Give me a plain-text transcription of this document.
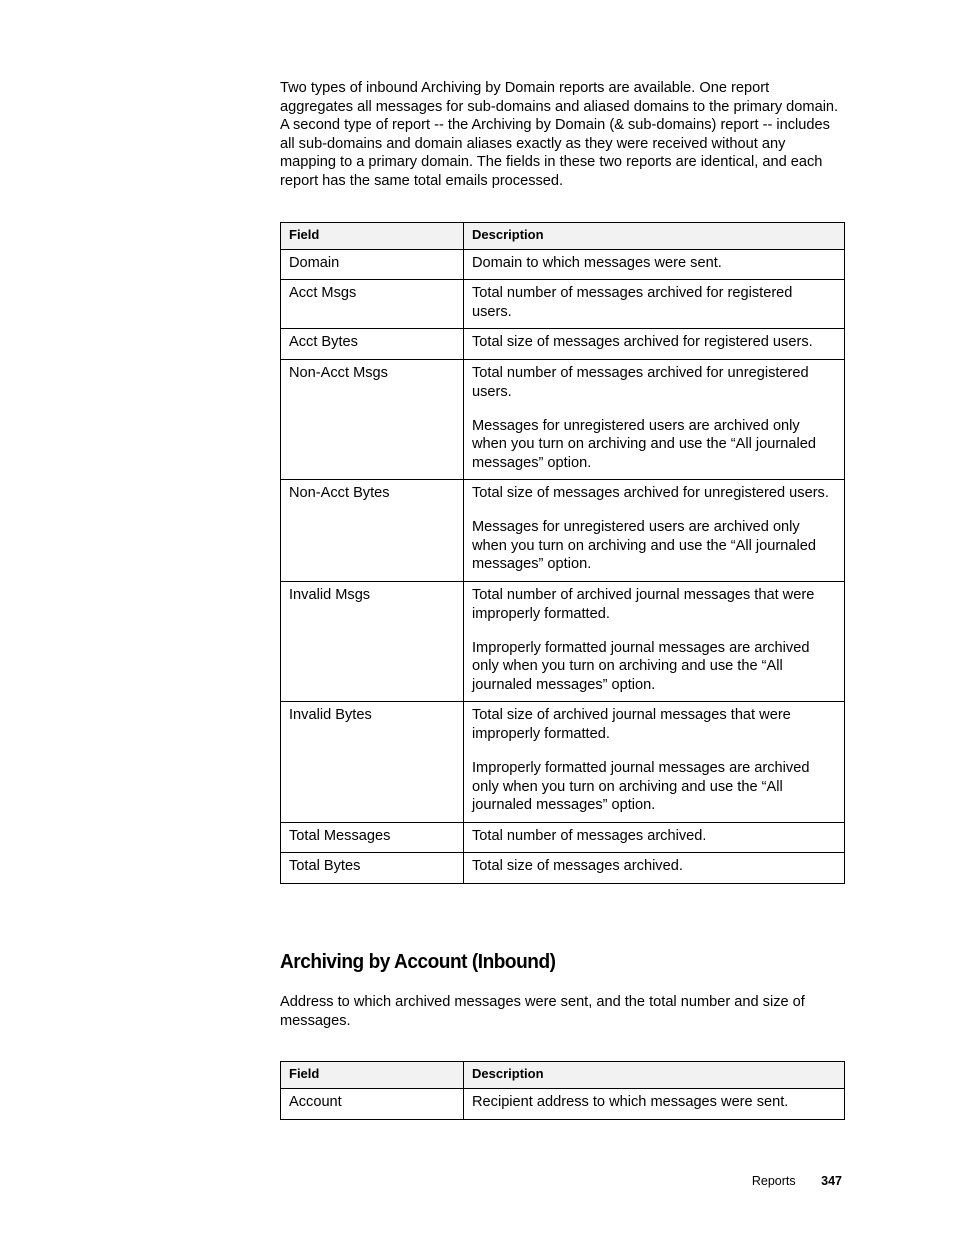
Two types of inbound Archiving by Domain reports are available. One report aggregates all messages for sub-domains and aliased domains to the primary domain. A second type of report -- the Archiving by Domain (& sub-domains) report -- includes all sub-domains and domain aliases exactly as they were received without any mapping to a primary domain. The fields in these two reports are identical, and each report has the same total emails processed.

Field	Description
Domain	Domain to which messages were sent.

Acct Msgs	Total number of messages archived for registered users.

Acct Bytes	Total size of messages archived for registered users.

Non-Acct Msgs	Total number of messages archived for unregistered users.
Messages for unregistered users are archived only when you turn on archiving and use the “All journaled messages” option.

Non-Acct Bytes	Total size of messages archived for unregistered users.
Messages for unregistered users are archived only when you turn on archiving and use the “All journaled messages” option.

Invalid Msgs	Total number of archived journal messages that were improperly formatted.
Improperly formatted journal messages are archived only when you turn on archiving and use the “All journaled messages” option.

Invalid Bytes	Total size of archived journal messages that were improperly formatted.
Improperly formatted journal messages are archived only when you turn on archiving and use the “All journaled messages” option.

Total Messages	Total number of messages archived.

Total Bytes	Total size of messages archived.
Archiving by Account (Inbound)

Address to which archived messages were sent, and the total number and size of messages.

Field	Description
Account	Recipient address to which messages were sent.
Reports 347
